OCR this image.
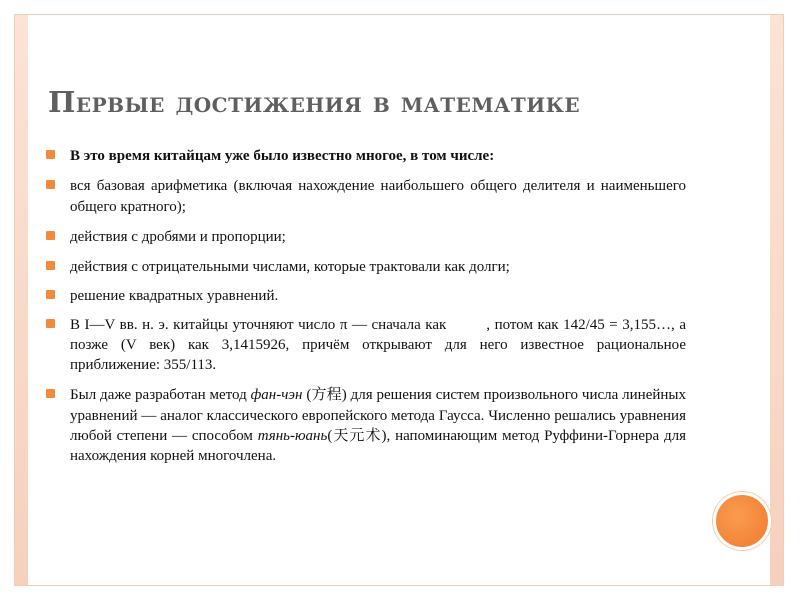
Первые достижения в математике
В это время китайцам уже было известно многое, в том числе:
вся базовая арифметика (включая нахождение наибольшего общего делителя и наименьшего общего кратного);
действия с дробями и пропорции;
действия с отрицательными числами, которые трактовали как долги;
решение квадратных уравнений.
В I—V вв. н. э. китайцы уточняют число π — сначала как	, потом как 142/45 = 3,155…, а позже (V век) как 3,1415926, причём открывают для него известное рациональное приближение: 355/113.
Был даже разработан метод фан-чэн (方程) для решения систем произвольного числа линейных уравнений — аналог классического европейского метода Гаусса. Численно решались уравнения любой степени — способом тянь-юань(天元术), напоминающим метод Руффини-Горнера для нахождения корней многочлена.
